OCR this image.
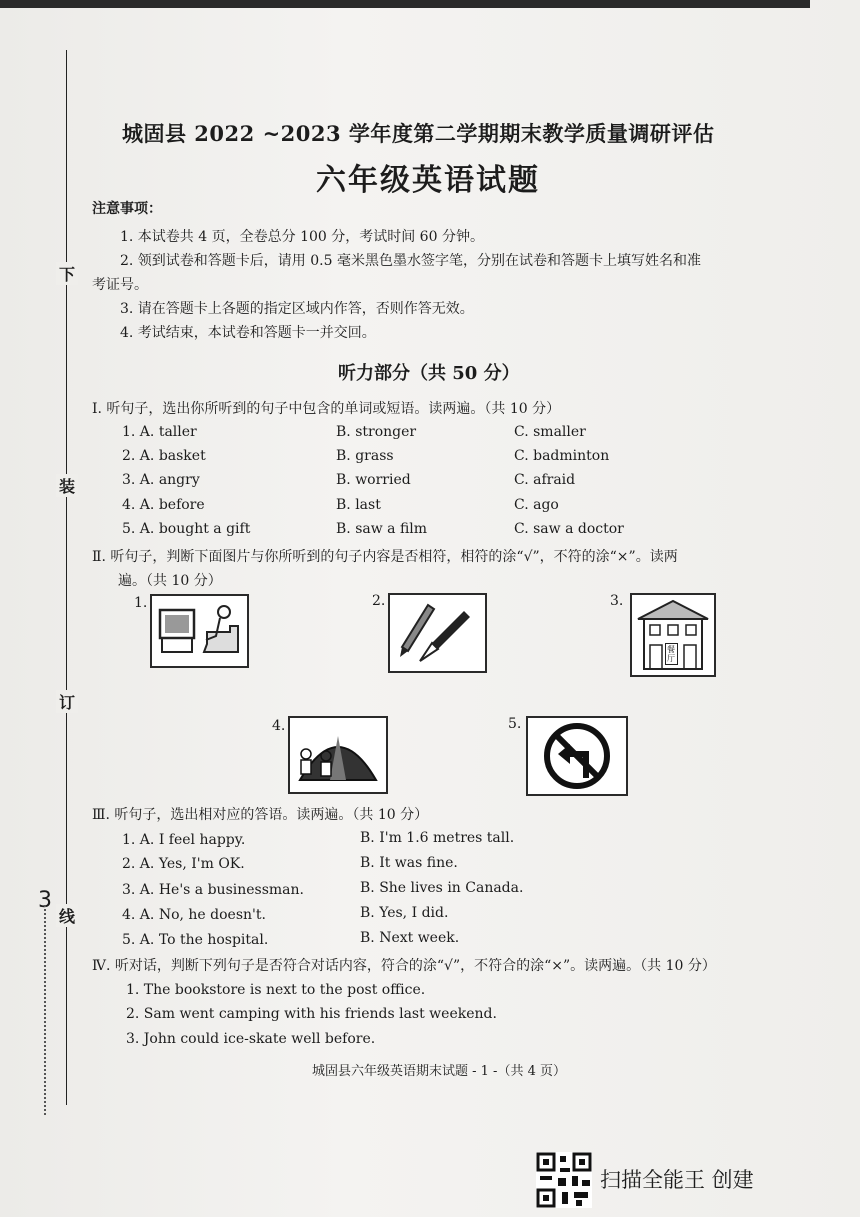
下
装
订
线
3
城固县 2022 ~2023 学年度第二学期期末教学质量调研评估
六年级英语试题
注意事项：
1. 本试卷共 4 页，全卷总分 100 分，考试时间 60 分钟。
2. 领到试卷和答题卡后，请用 0.5 毫米黑色墨水签字笔，分别在试卷和答题卡上填写姓名和准
考证号。
3. 请在答题卡上各题的指定区域内作答，否则作答无效。
4. 考试结束，本试卷和答题卡一并交回。
听力部分（共 50 分）
Ⅰ. 听句子，选出你所听到的句子中包含的单词或短语。读两遍。（共 10 分）
1. A. taller	B. stronger	C. smaller
2. A. basket	B. grass	C. badminton
3. A. angry	B. worried	C. afraid
4. A. before	B. last	C. ago
5. A. bought a gift	B. saw a film	C. saw a doctor
Ⅱ. 听句子，判断下面图片与你所听到的句子内容是否相符，相符的涂“√”，不符的涂“×”。读两
遍。（共 10 分）
1.	2.	3.
餐厅
4.	5.
Ⅲ. 听句子，选出相对应的答语。读两遍。（共 10 分）
1. A. I feel happy.	B. I'm 1.6 metres tall.
2. A. Yes, I'm OK.	B. It was fine.
3. A. He's a businessman.	B. She lives in Canada.
4. A. No, he doesn't.	B. Yes, I did.
5. A. To the hospital.	B. Next week.
Ⅳ. 听对话，判断下列句子是否符合对话内容，符合的涂“√”，不符合的涂“×”。读两遍。（共 10 分）
1. The bookstore is next to the post office.
2. Sam went camping with his friends last weekend.
3. John could ice-skate well before.
城固县六年级英语期末试题 - 1 -（共 4 页）
扫描全能王 创建
